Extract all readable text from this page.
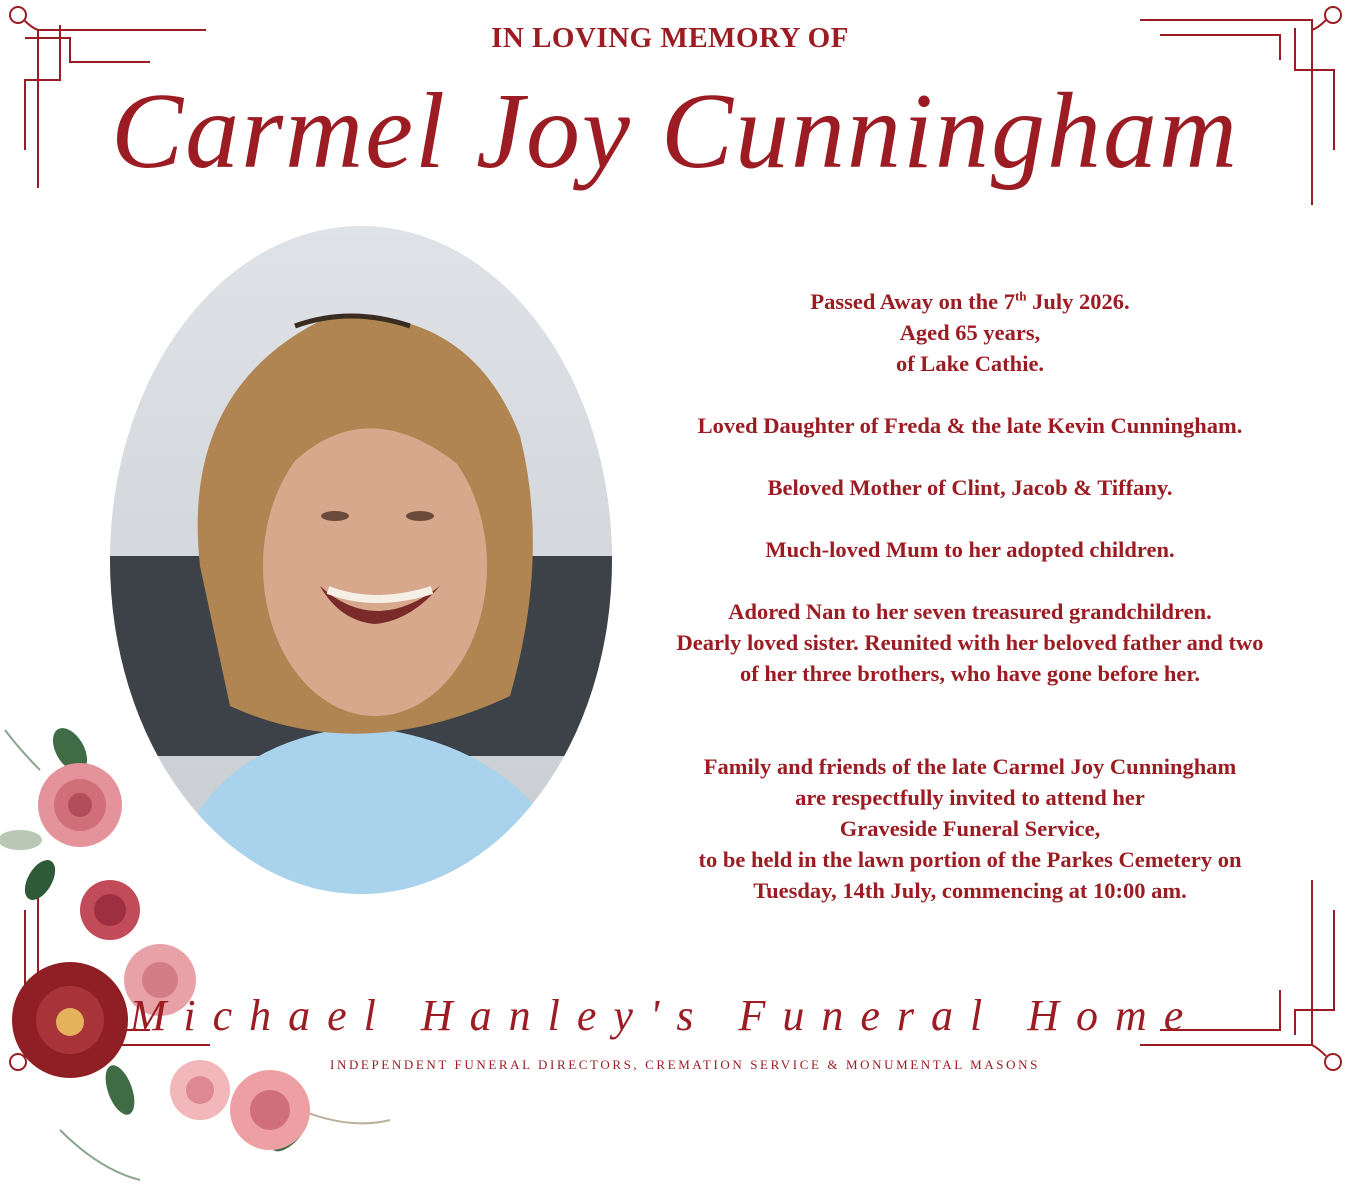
IN LOVING MEMORY OF
Carmel Joy Cunningham

Passed Away on the 7th July 2026.

Aged 65 years,

of Lake Cathie.

Loved Daughter of Freda & the late Kevin Cunningham.

Beloved Mother of Clint, Jacob & Tiffany.

Much-loved Mum to her adopted children.

Adored Nan to her seven treasured grandchildren.

Dearly loved sister. Reunited with her beloved father and two

of her three brothers, who have gone before her.

Family and friends of the late Carmel Joy Cunningham

are respectfully invited to attend her

Graveside Funeral Service,

to be held in the lawn portion of the Parkes Cemetery on

Tuesday, 14th July, commencing at 10:00 am.

Michael Hanley's Funeral Home
INDEPENDENT FUNERAL DIRECTORS, CREMATION SERVICE & MONUMENTAL MASONS
